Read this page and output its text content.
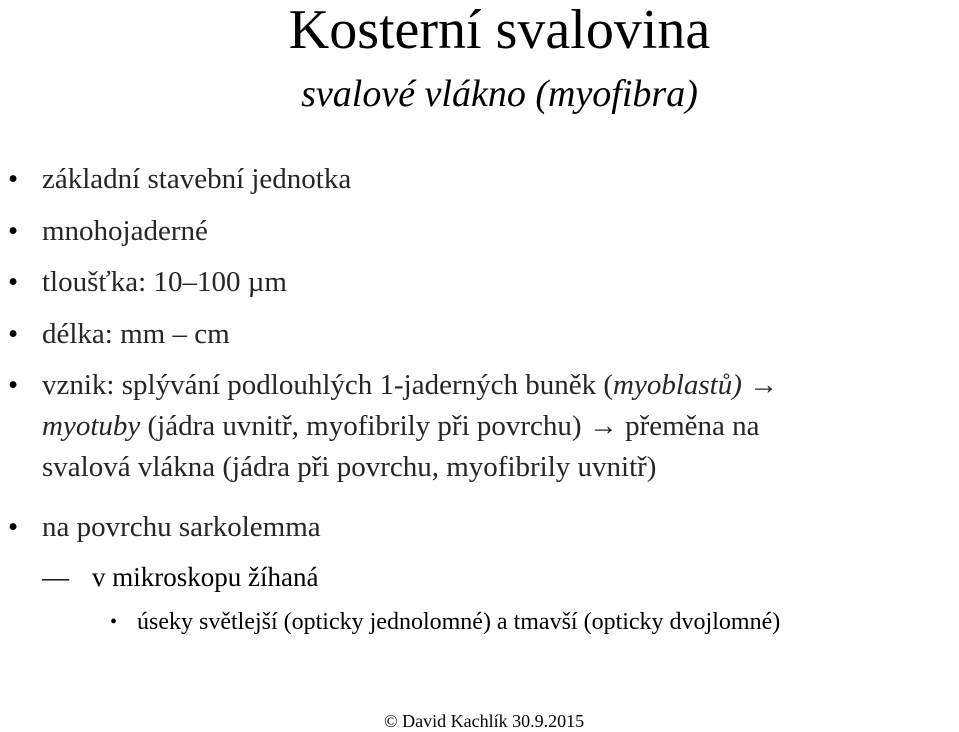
Kosterní svalovina
svalové vlákno (myofibra)
• základní stavební jednotka
• mnohojaderné
• tloušťka: 10–100 µm
• délka: mm – cm
• vznik: splývání podlouhlých 1-jaderných buněk (myoblastů) →
myotuby (jádra uvnitř, myofibrily při povrchu) → přeměna na
svalová vlákna (jádra při povrchu, myofibrily uvnitř)
• na povrchu sarkolemma
— v mikroskopu žíhaná
• úseky světlejší (opticky jednolomné) a tmavší (opticky dvojlomné)
© David Kachlík 30.9.2015
